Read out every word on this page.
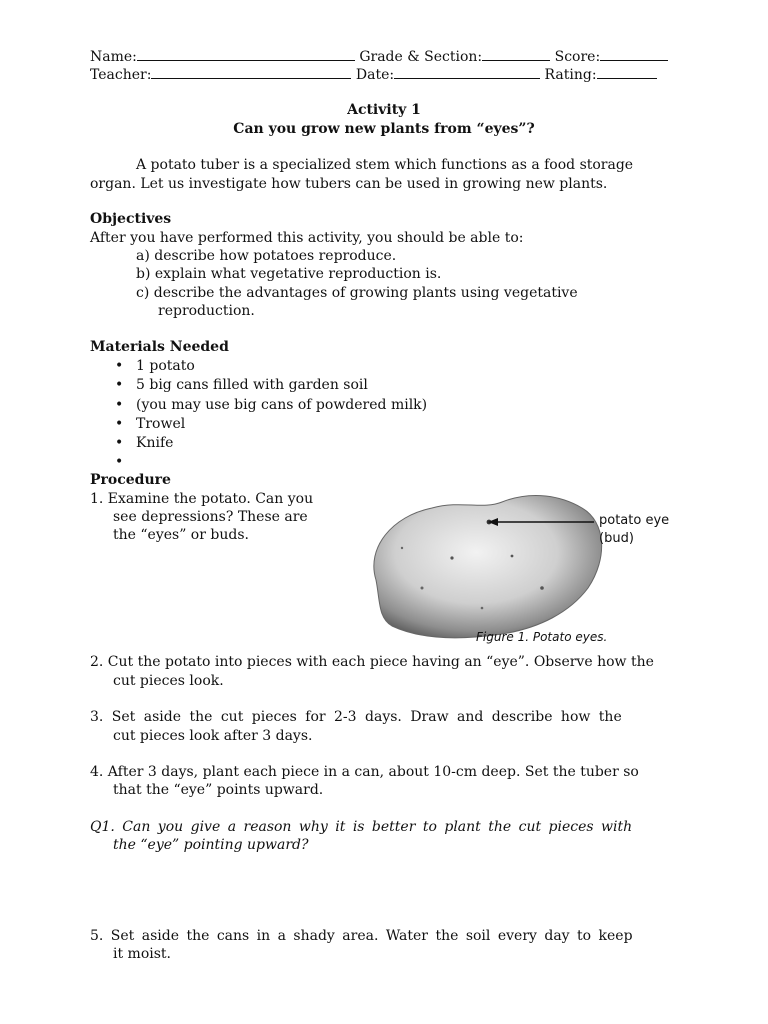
Name:	Grade & Section:	Score:
Teacher:	Date:	Rating:
Activity 1
Can you grow new plants from “eyes”?
A potato tuber is a specialized stem which functions as a food storage
organ. Let us investigate how tubers can be used in growing new plants.
Objectives
After you have performed this activity, you should be able to:
a) describe how potatoes reproduce.
b) explain what vegetative reproduction is.
c) describe the advantages of growing plants using vegetative
reproduction.
Materials Needed
• 1 potato
• 5 big cans filled with garden soil
• (you may use big cans of powdered milk)
• Trowel
• Knife
•
Procedure
1. Examine the potato. Can you
see depressions? These are
the “eyes” or buds.
potato eye
(bud)
Figure 1. Potato eyes.
2. Cut the potato into pieces with each piece having an “eye”. Observe how the
cut pieces look.
3. Set aside the cut pieces for 2-3 days. Draw and describe how the
cut pieces look after 3 days.
4. After 3 days, plant each piece in a can, about 10-cm deep. Set the tuber so
that the “eye” points upward.
Q1. Can you give a reason why it is better to plant the cut pieces with
the “eye” pointing upward?
5. Set aside the cans in a shady area. Water the soil every day to keep
it moist.
